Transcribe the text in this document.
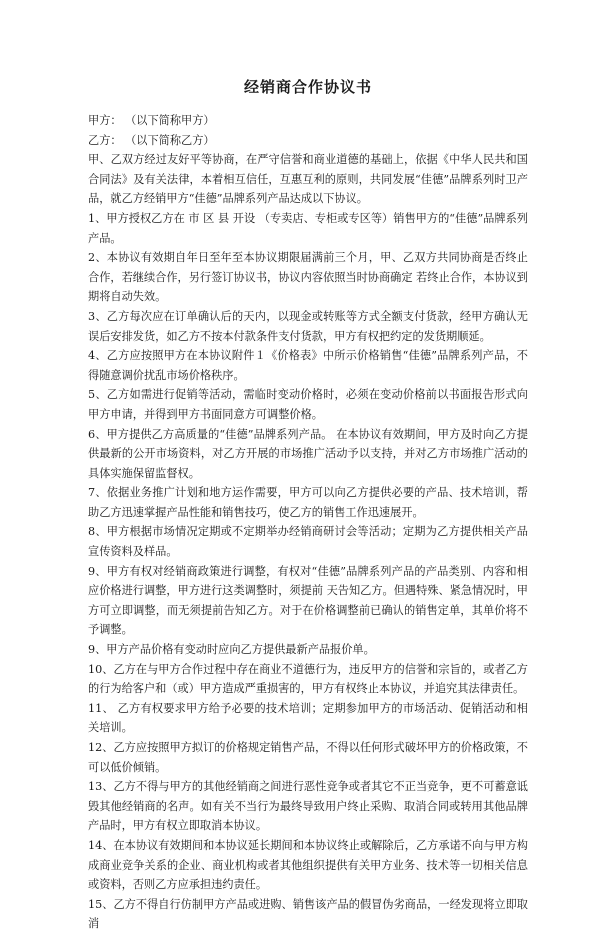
经销商合作协议书

甲方： （以下简称甲方）

乙方： （以下简称乙方）

甲、乙双方经过友好平等协商，在严守信誉和商业道德的基础上，依据《中华人民共和国合同法》及有关法律，本着相互信任，互惠互利的原则，共同发展“佳德”品牌系列时卫产品，就乙方经销甲方“佳德”品牌系列产品达成以下协议。

1、甲方授权乙方在 市 区 县 开设 （专卖店、专柜或专区等）销售甲方的“佳德”品牌系列产品。

2、本协议有效期自年日至年至本协议期限届满前三个月，甲、乙双方共同协商是否终止合作，若继续合作，另行签订协议书，协议内容依照当时协商确定 若终止合作，本协议到期将自动失效。

3、乙方每次应在订单确认后的天内，以现金或转账等方式全额支付货款，经甲方确认无误后安排发货，如乙方不按本付款条件支付货款，甲方有权把约定的发货期顺延。

4、乙方应按照甲方在本协议附件１《价格表》中所示价格销售“佳德”品牌系列产品，不得随意调价扰乱市场价格秩序。

5、乙方如需进行促销等活动，需临时变动价格时，必须在变动价格前以书面报告形式向甲方申请，并得到甲方书面同意方可调整价格。

6、甲方提供乙方高质量的“佳德”品牌系列产品。 在本协议有效期间，甲方及时向乙方提供最新的公开市场资料，对乙方开展的市场推广活动予以支持，并对乙方市场推广活动的具体实施保留监督权。

7、依据业务推广计划和地方运作需要，甲方可以向乙方提供必要的产品、技术培训，帮助乙方迅速掌握产品性能和销售技巧，使乙方的销售工作迅速展开。

8、甲方根据市场情况定期或不定期举办经销商研讨会等活动；定期为乙方提供相关产品宣传资料及样品。

9、甲方有权对经销商政策进行调整，有权对“佳德”品牌系列产品的产品类别、内容和相应价格进行调整，甲方进行这类调整时，须提前 天告知乙方。但遇特殊、紧急情况时，甲方可立即调整，而无须提前告知乙方。对于在价格调整前已确认的销售定单，其单价将不予调整。

9、甲方产品价格有变动时应向乙方提供最新产品报价单。

10、乙方在与甲方合作过程中存在商业不道德行为，违反甲方的信誉和宗旨的，或者乙方的行为给客户和（或）甲方造成严重损害的，甲方有权终止本协议，并追究其法律责任。

11、 乙方有权要求甲方给予必要的技术培训；定期参加甲方的市场活动、促销活动和相关培训。

12、乙方应按照甲方拟订的价格规定销售产品，不得以任何形式破坏甲方的价格政策，不可以低价倾销。

13、乙方不得与甲方的其他经销商之间进行恶性竞争或者其它不正当竞争，更不可蓄意诋毁其他经销商的名声。如有关不当行为最终导致用户终止采购、取消合同或转用其他品牌产品时，甲方有权立即取消本协议。

14、在本协议有效期间和本协议延长期间和本协议终止或解除后，乙方承诺不向与甲方构成商业竞争关系的企业、商业机构或者其他组织提供有关甲方业务、技术等一切相关信息或资料，否则乙方应承担违约责任。

15、乙方不得自行仿制甲方产品或进购、销售该产品的假冒伪劣商品，一经发现将立即取消
